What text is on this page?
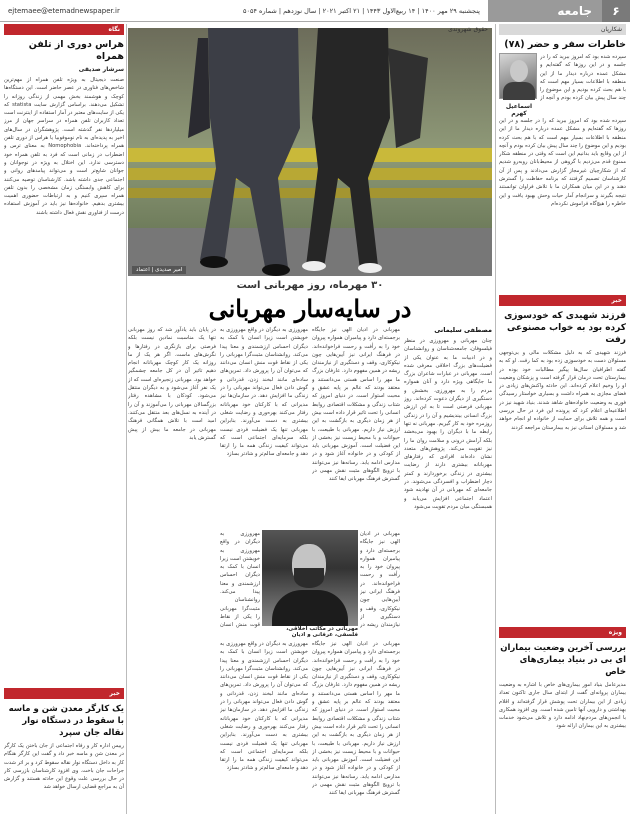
۶
جامعه
پنجشنبه ۲۹ مهر ۱۴۰۰ | ۱۴ ربیع‌الاول ۱۴۴۳ | ۲۱ اکتبر ۲۰۲۱ | سال نوزدهم | شماره ۵۰۵۴
ejtemaee@etemadnewspaper.ir
شکارپان
خاطرات سفر و حضر (۷۸)
سپرده شده بود که امروز ببرید که را در جلسه و در این روزها که گفته‌ایم و مشکل عمده درباره دیدار ما از این منطقه با اطلاعات بسیار مهم است که با هم بحث کرده بودیم و این موضوع را چند سال پیش بیان کرده بودم و آنچه از
اسماعیل کهرم
سپرده شده بود که امروز ببرید که را در جلسه و در این روزها که گفته‌ایم و مشکل عمده درباره دیدار ما از این منطقه با اطلاعات بسیار مهم است که با هم بحث کرده بودیم و این موضوع را چند سال پیش بیان کرده بودم و آنچه از این وقایع باید بدانیم این است که وقتی در منطقه شکار ممنوع قدم می‌زدیم با گروهی از محیط‌بانان روبه‌رو شدیم که از شکارچیان غیرمجاز گزارش می‌دادند و پس از آن کارشناسان تصمیم گرفتند که برنامه حفاظت را گسترش دهند و در این میان همکاران ما با تلاش فراوان توانستند نتیجه بگیرند و سرانجام آمار حیات وحش بهبود یافت و این خاطره را هیچ‌گاه فراموش نکرده‌ام
خبر
فرزند شهیدی که خودسوزی کرده بود به خواب مصنوعی رفت
فرزند شهیدی که به دلیل مشکلات مالی و بی‌توجهی مسئولان دست به خودسوزی زده بود به کما رفت. او که به گفته اطرافیان سال‌ها پیگیر مطالبات خود بوده در بیمارستان تحت درمان قرار گرفته است و پزشکان وضعیت او را وخیم اعلام کرده‌اند. این حادثه واکنش‌های زیادی در فضای مجازی به همراه داشت و بسیاری خواستار رسیدگی فوری به وضعیت خانواده‌های شاهد شدند. بنیاد شهید نیز در اطلاعیه‌ای اعلام کرد که پرونده این فرد در حال بررسی است و همه تلاش برای حمایت از خانواده او انجام خواهد شد و مسئولان استانی نیز به بیمارستان مراجعه کردند
ویژه
بررسی آخرین وضعیت بیماران ای بی در بنیاد بیماری‌های خاص
مدیرعامل بنیاد امور بیماری‌های خاص با اشاره به وضعیت بیماران پروانه‌ای گفت از ابتدای سال جاری تاکنون تعداد زیادی از این بیماران تحت پوشش قرار گرفته‌اند و اقلام بهداشتی و دارویی آنها تامین شده است. وی افزود همکاری با انجمن‌های مردم‌نهاد ادامه دارد و تلاش می‌شود خدمات بیشتری به این بیماران ارائه شود
نگاه
هراس دوری از تلفن همراه
سرشار صدیقی
صنعت دیجیتال به ویژه تلفن همراه از مهم‌ترین شاخص‌های فناوری در عصر حاضر است. این دستگاه‌ها کوچک و هوشمند بخش مهمی از زندگی روزانه را تشکیل می‌دهند. براساس گزارش سایت statista که یکی از سایت‌های معتبر در آمار استفاده از اینترنت است تعداد کاربران تلفن همراه در سراسر جهان از مرز میلیاردها نفر گذشته است. پژوهشگران در سال‌های اخیر به پدیده‌ای به نام نوموفوبیا یا هراس از دوری تلفن همراه پرداخته‌اند. Nomophobia به معنای ترس و اضطراب در زمانی است که فرد به تلفن همراه خود دسترسی ندارد. این اختلال به ویژه در نوجوانان و جوانان شایع‌تر است و می‌تواند پیامدهای روانی و اجتماعی جدی داشته باشد. کارشناسان توصیه می‌کنند برای کاهش وابستگی زمان مشخصی را بدون تلفن همراه سپری کنیم و به ارتباطات حضوری اهمیت بیشتری بدهیم. خانواده‌ها نیز باید در آموزش استفاده درست از فناوری نقش فعال داشته باشند
خبر
یک کارگر معدن شن و ماسه با سقوط در دستگاه نوار نقاله جان سپرد
رییس اداره کار و رفاه اجتماعی از جان باختن یک کارگر در معدن شن و ماسه خبر داد و گفت این کارگر هنگام کار به داخل دستگاه نوار نقاله سقوط کرد و بر اثر شدت جراحات جان باخت. وی افزود کارشناسان بازرسی کار در حال بررسی علت وقوع این حادثه هستند و گزارش آن به مراجع قضایی ارسال خواهد شد
حقوق شهروندی
امیر صدیدی | اعتماد
۳۰ مهرماه، روز مهربانی است
در سایه‌سار مهربانی
مصطفی سلیمانی
چنان مهربانی و مهرورزی در منظر فیلسوفان، جامعه‌شناسان و روانشناسان و در ادبیات ما به عنوان یکی از فضیلت‌های بزرگ اخلاقی معرفی شده است. مهربانی در عبارات شاعران بزرگ ما جایگاهی ویژه دارد و آنان همواره مردم را به مهرورزی، بخشش و دستگیری از دیگران دعوت کرده‌اند. روز مهربانی فرصتی است تا به این ارزش بزرگ انسانی بیندیشیم و آن را در زندگی روزمره خود به کار گیریم. مهربانی نه تنها رابطه ما با دیگران را بهبود می‌بخشد بلکه آرامش درونی و سلامت روان ما را نیز تقویت می‌کند. پژوهش‌های متعدد نشان داده‌اند افرادی که رفتارهای مهربانانه بیشتری دارند از رضایت بیشتری در زندگی برخوردارند و کمتر دچار اضطراب و افسردگی می‌شوند. در جامعه‌ای که مهربانی در آن نهادینه شود اعتماد اجتماعی افزایش می‌یابد و همبستگی میان مردم تقویت می‌شود
مهربانی در ادیان الهی نیز جایگاه برجسته‌ای دارد و پیامبران همواره پیروان خود را به رأفت و رحمت فراخوانده‌اند. در فرهنگ ایرانی نیز آیین‌هایی چون نیکوکاری، وقف و دستگیری از نیازمندان ریشه در همین مفهوم دارد. عارفان بزرگ ما مهر را اساس هستی می‌دانستند و معتقد بودند که عالم بر پایه عشق و محبت استوار است. در دنیای امروز که شتاب زندگی و مشکلات اقتصادی روابط انسانی را تحت تاثیر قرار داده است بیش از هر زمان دیگری به بازگشت به این ارزش نیاز داریم. مهربانی با طبیعت، با حیوانات و با محیط زیست نیز بخشی از این فضیلت است. آموزش مهربانی باید از کودکی و در خانواده آغاز شود و در مدارس ادامه یابد. رسانه‌ها نیز می‌توانند با ترویج الگوهای مثبت نقش مهمی در گسترش فرهنگ مهربانی ایفا کنند
مهرورزی به دیگران در واقع مهرورزی به خویشتن است زیرا انسان با کمک به دیگران احساس ارزشمندی و معنا پیدا می‌کند. روانشناسان مثبت‌گرا مهربانی را یکی از نقاط قوت منش انسان می‌دانند که می‌توان آن را پرورش داد. تمرین‌های ساده‌ای مانند لبخند زدن، قدردانی و گوش دادن فعال می‌تواند مهربانی را در زندگی ما افزایش دهد. در سازمان‌ها نیز مدیرانی که با کارکنان خود مهربانانه رفتار می‌کنند بهره‌وری و رضایت شغلی بیشتری به دست می‌آورند. بنابراین مهربانی تنها یک فضیلت فردی نیست بلکه سرمایه‌ای اجتماعی است که می‌تواند کیفیت زندگی همه ما را ارتقا دهد و جامعه‌ای سالم‌تر و شادتر بسازد
در پایان باید یادآور شد که روز مهربانی تنها یک مناسبت نمادین نیست بلکه فرصتی برای بازنگری در رفتارها و نگرش‌های ماست. اگر هر یک از ما روزانه یک کار کوچک مهربانانه انجام دهیم تاثیر آن در کل جامعه چشمگیر خواهد بود. مهربانی زنجیره‌ای است که از یک نفر آغاز می‌شود و به دیگران منتقل می‌شود. کودکان با مشاهده رفتار بزرگسالان مهربانی را می‌آموزند و آن را در آینده به نسل‌های بعد منتقل می‌کنند. امید است با تلاش همگانی فرهنگ مهربانی در جامعه ما بیش از پیش گسترش یابد
مهربانی در مکاتب اخلاقی، فلسفی، عرفانی و ادیان
مهربانی در ادیان الهی نیز جایگاه برجسته‌ای دارد و پیامبران همواره پیروان خود را به رأفت و رحمت فراخوانده‌اند. در فرهنگ ایرانی نیز آیین‌هایی چون نیکوکاری، وقف و دستگیری از نیازمندان ریشه در
مهرورزی به دیگران در واقع مهرورزی به خویشتن است زیرا انسان با کمک به دیگران احساس ارزشمندی و معنا پیدا می‌کند. روانشناسان مثبت‌گرا مهربانی را یکی از نقاط قوت منش انسان
مهربانی در ادیان الهی نیز جایگاه برجسته‌ای دارد و پیامبران همواره پیروان خود را به رأفت و رحمت فراخوانده‌اند. در فرهنگ ایرانی نیز آیین‌هایی چون نیکوکاری، وقف و دستگیری از نیازمندان ریشه در همین مفهوم دارد. عارفان بزرگ ما مهر را اساس هستی می‌دانستند و معتقد بودند که عالم بر پایه عشق و محبت استوار است. در دنیای امروز که شتاب زندگی و مشکلات اقتصادی روابط انسانی را تحت تاثیر قرار داده است بیش از هر زمان دیگری به بازگشت به این ارزش نیاز داریم. مهربانی با طبیعت، با حیوانات و با محیط زیست نیز بخشی از این فضیلت است. آموزش مهربانی باید از کودکی و در خانواده آغاز شود و در مدارس ادامه یابد. رسانه‌ها نیز می‌توانند با ترویج الگوهای مثبت نقش مهمی در گسترش فرهنگ مهربانی ایفا کنند
مهرورزی به دیگران در واقع مهرورزی به خویشتن است زیرا انسان با کمک به دیگران احساس ارزشمندی و معنا پیدا می‌کند. روانشناسان مثبت‌گرا مهربانی را یکی از نقاط قوت منش انسان می‌دانند که می‌توان آن را پرورش داد. تمرین‌های ساده‌ای مانند لبخند زدن، قدردانی و گوش دادن فعال می‌تواند مهربانی را در زندگی ما افزایش دهد. در سازمان‌ها نیز مدیرانی که با کارکنان خود مهربانانه رفتار می‌کنند بهره‌وری و رضایت شغلی بیشتری به دست می‌آورند. بنابراین مهربانی تنها یک فضیلت فردی نیست بلکه سرمایه‌ای اجتماعی است که می‌تواند کیفیت زندگی همه ما را ارتقا دهد و جامعه‌ای سالم‌تر و شادتر بسازد
